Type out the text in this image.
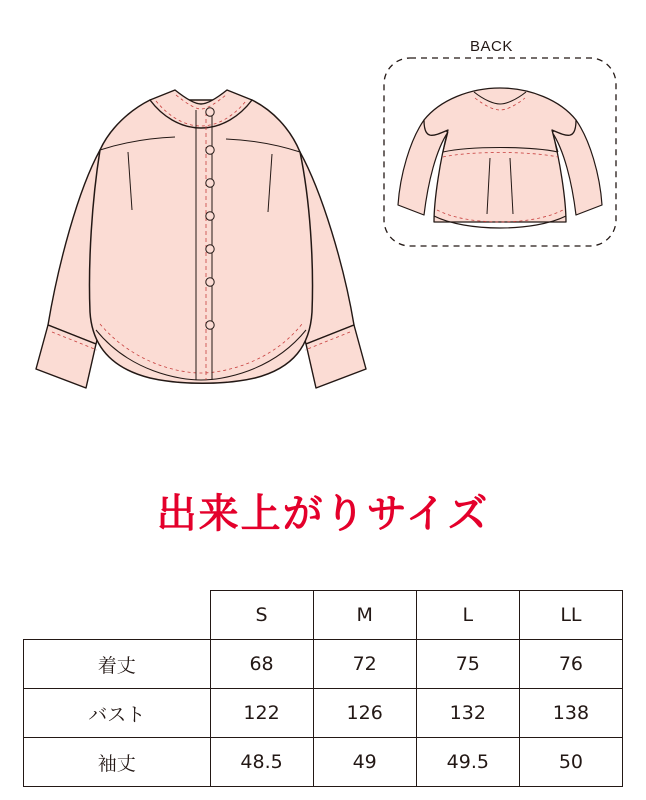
BACK
出来上がりサイズ
	S	M	L	LL
着丈	68	72	75	76
バスト	122	126	132	138
袖丈	48.5	49	49.5	50
